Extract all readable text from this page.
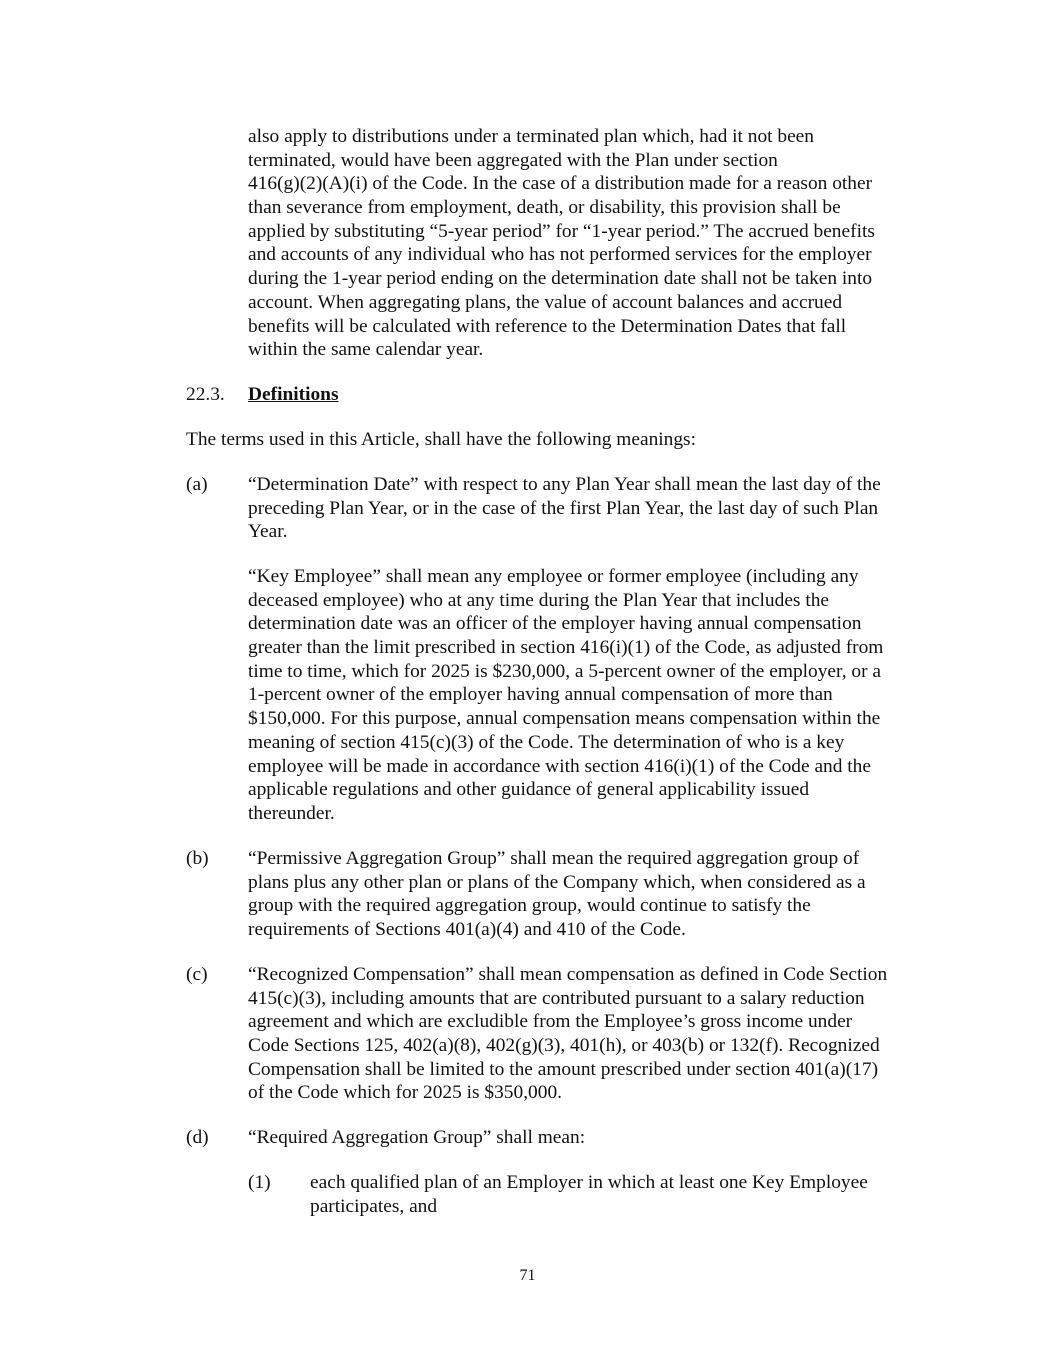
also apply to distributions under a terminated plan which, had it not been
terminated, would have been aggregated with the Plan under section
416(g)(2)(A)(i) of the Code. In the case of a distribution made for a reason other
than severance from employment, death, or disability, this provision shall be
applied by substituting “5-year period” for “1-year period.” The accrued benefits
and accounts of any individual who has not performed services for the employer
during the 1-year period ending on the determination date shall not be taken into
account. When aggregating plans, the value of account balances and accrued
benefits will be calculated with reference to the Determination Dates that fall
within the same calendar year.
22.3. Definitions
The terms used in this Article, shall have the following meanings:
(a) “Determination Date” with respect to any Plan Year shall mean the last day of the
preceding Plan Year, or in the case of the first Plan Year, the last day of such Plan
Year.
“Key Employee” shall mean any employee or former employee (including any
deceased employee) who at any time during the Plan Year that includes the
determination date was an officer of the employer having annual compensation
greater than the limit prescribed in section 416(i)(1) of the Code, as adjusted from
time to time, which for 2025 is $230,000, a 5-percent owner of the employer, or a
1-percent owner of the employer having annual compensation of more than
$150,000. For this purpose, annual compensation means compensation within the
meaning of section 415(c)(3) of the Code. The determination of who is a key
employee will be made in accordance with section 416(i)(1) of the Code and the
applicable regulations and other guidance of general applicability issued
thereunder.
(b) “Permissive Aggregation Group” shall mean the required aggregation group of
plans plus any other plan or plans of the Company which, when considered as a
group with the required aggregation group, would continue to satisfy the
requirements of Sections 401(a)(4) and 410 of the Code.
(c) “Recognized Compensation” shall mean compensation as defined in Code Section
415(c)(3), including amounts that are contributed pursuant to a salary reduction
agreement and which are excludible from the Employee’s gross income under
Code Sections 125, 402(a)(8), 402(g)(3), 401(h), or 403(b) or 132(f). Recognized
Compensation shall be limited to the amount prescribed under section 401(a)(17)
of the Code which for 2025 is $350,000.
(d) “Required Aggregation Group” shall mean:
(1) each qualified plan of an Employer in which at least one Key Employee
participates, and
71
